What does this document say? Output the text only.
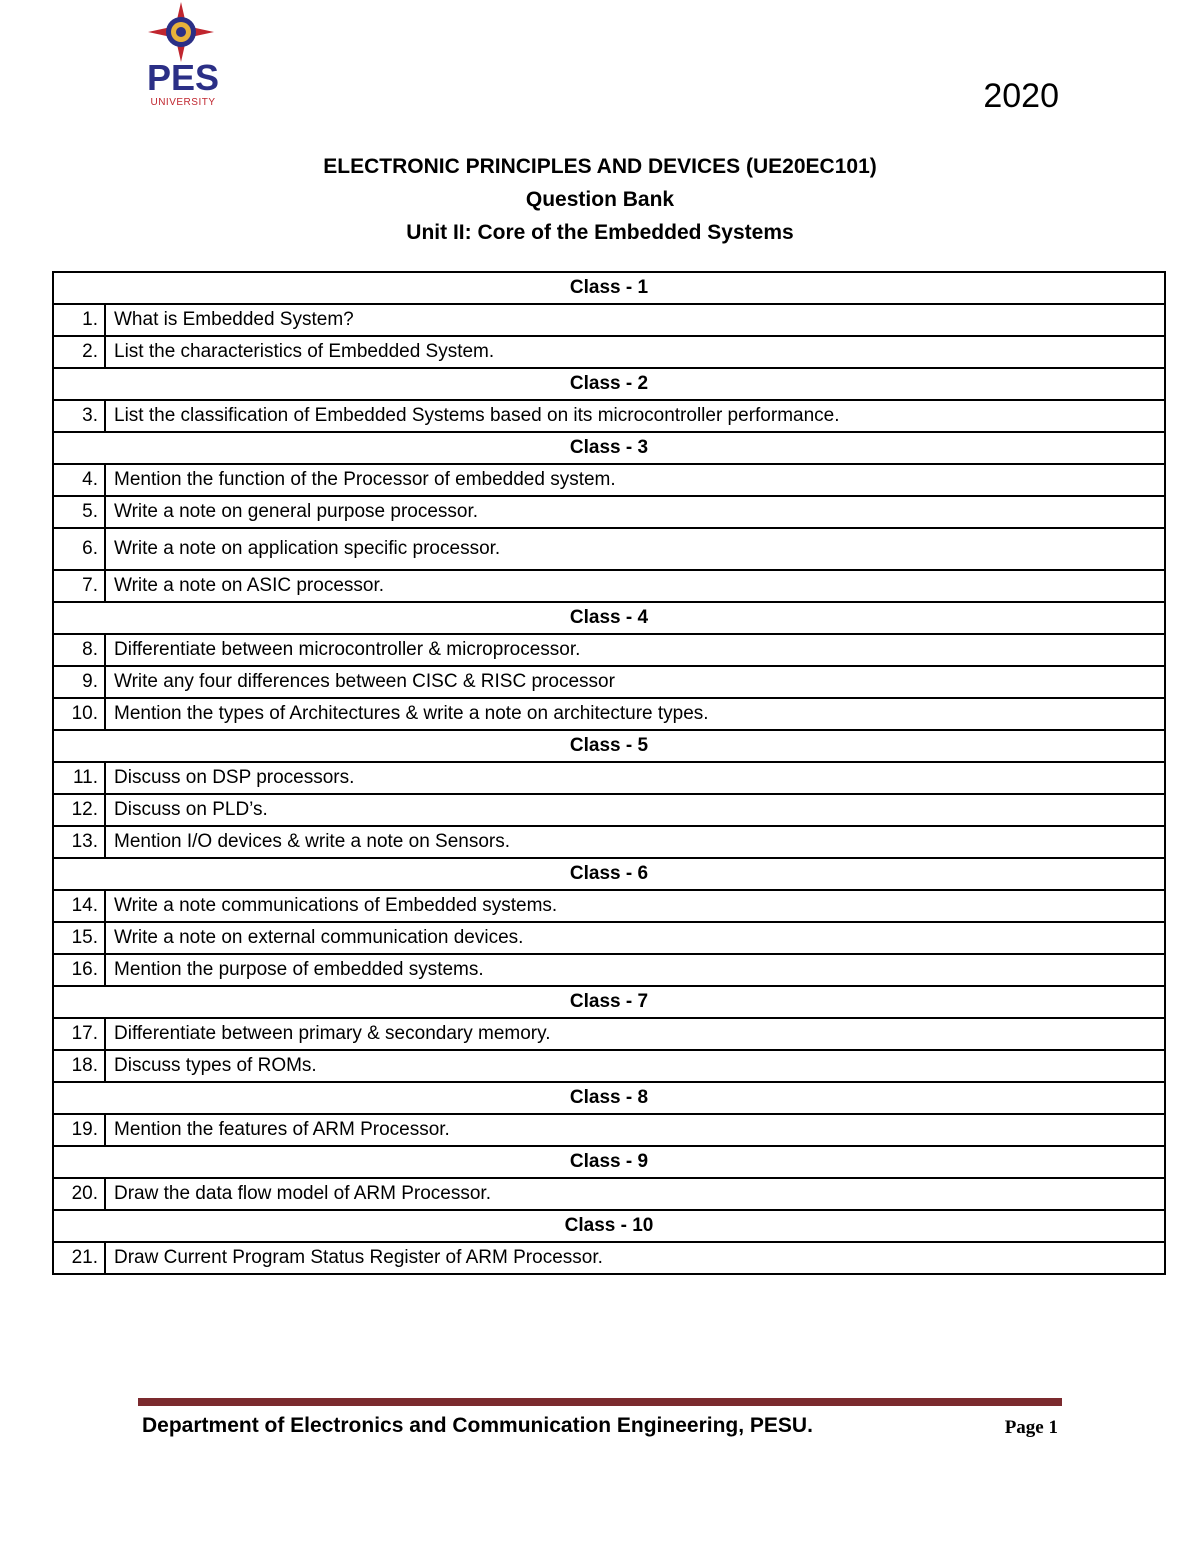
PES
UNIVERSITY	2020
ELECTRONIC PRINCIPLES AND DEVICES (UE20EC101)
Question Bank
Unit II: Core of the Embedded Systems
Class - 1	
1.	What is Embedded System?
2.	List the characteristics of Embedded System.
Class - 2	
3.	List the classification of Embedded Systems based on its microcontroller performance.
Class - 3	
4.	Mention the function of the Processor of embedded system.
5.	Write a note on general purpose processor.
6.	Write a note on application specific processor.
7.	Write a note on ASIC processor.
Class - 4	
8.	Differentiate between microcontroller & microprocessor.
9.	Write any four differences between CISC & RISC processor
10.	Mention the types of Architectures & write a note on architecture types.
Class - 5	
11.	Discuss on DSP processors.
12.	Discuss on PLD’s.
13.	Mention I/O devices & write a note on Sensors.
Class - 6	
14.	Write a note communications of Embedded systems.
15.	Write a note on external communication devices.
16.	Mention the purpose of embedded systems.
Class - 7	
17.	Differentiate between primary & secondary memory.
18.	Discuss types of ROMs.
Class - 8	
19.	Mention the features of ARM Processor.
Class - 9	
20.	Draw the data flow model of ARM Processor.
Class - 10	
21.	Draw Current Program Status Register of ARM Processor.
Department of Electronics and Communication Engineering, PESU.	Page 1
